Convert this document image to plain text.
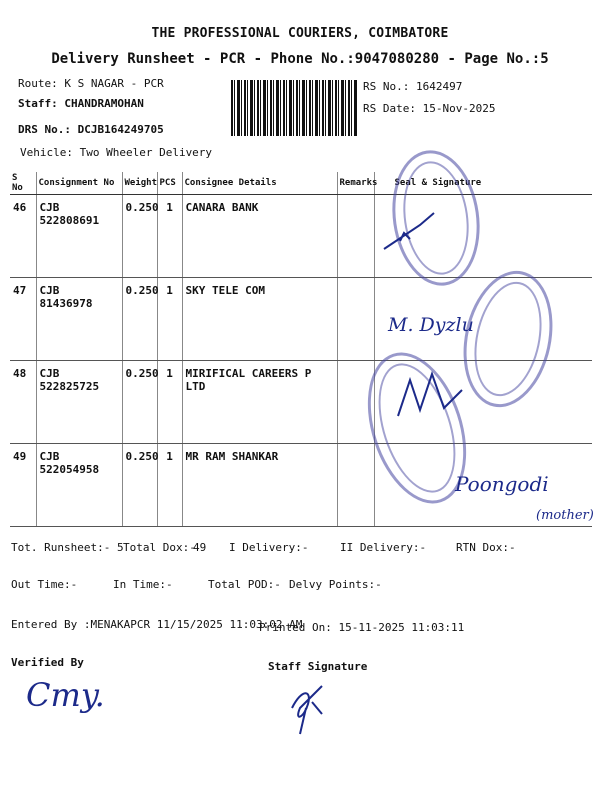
THE PROFESSIONAL COURIERS, COIMBATORE
Delivery Runsheet - PCR - Phone No.:9047080280 - Page No.:5
Route: K S NAGAR - PCR
Staff: CHANDRAMOHAN
DRS No.: DCJB164249705
Vehicle: Two Wheeler Delivery
RS No.: 1642497
RS Date: 15-Nov-2025
S No	Consignment No	Weight	PCS	Consignee Details	Remarks	Seal & Signature
46	CJB 522808691	0.250	1	CANARA BANK		
47	CJB 81436978	0.250	1	SKY TELE COM		
48	CJB 522825725	0.250	1	MIRIFICAL CAREERS P LTD		
49	CJB 522054958	0.250	1	MR RAM SHANKAR		
M. Dyzlu
Poongodi
(mother)
Tot. Runsheet:- 5 Total Dox:-
49 I Delivery:-	II Delivery:-	RTN Dox:-
Out Time:-	In Time:-	Total POD:- Delvy Points:-
Entered By :MENAKAPCR 11/15/2025 11:03:02 AM
Printed On: 15-11-2025 11:03:11
Verified By	Staff Signature
Cmy.
